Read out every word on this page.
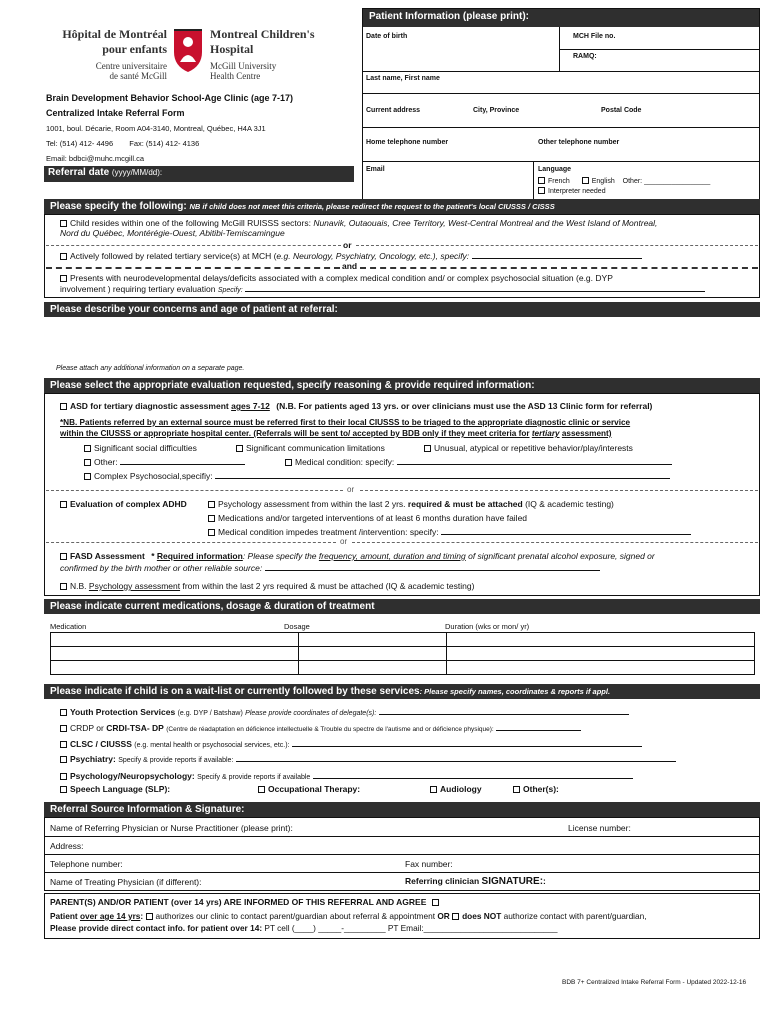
Hôpital de Montréal
pour enfants
Centre universitaire
de santé McGill
Montreal Children's
Hospital
McGill University
Health Centre
Patient Information (please print):
Date of birth	MCH File no.
RAMQ:
Last name, First name
Current address	City, Province	Postal Code
Home telephone number	Other telephone number
Email	Language
French	English Other: _________________
Interpreter needed
Brain Development Behavior School-Age Clinic (age 7-17)
Centralized Intake Referral Form
1001, boul. Décarie, Room A04-3140, Montreal, Québec, H4A 3J1
Tel: (514) 412- 4496 Fax: (514) 412- 4136
Email: bdbci@muhc.mcgill.ca
Referral date (yyyy/MM/dd):
Please specify the following: NB if child does not meet this criteria, please redirect the request to the patient's local CIUSSS / CISSS
Child resides within one of the following McGill RUISSS sectors: Nunavik, Outaouais, Cree Territory, West-Central Montreal and the West Island of Montreal,
Nord du Québec, Montérégie-Ouest, Abitibi-Temiscamingue
or
Actively followed by related tertiary service(s) at MCH (e.g. Neurology, Psychiatry, Oncology, etc.), specify:
and
Presents with neurodevelopmental delays/deficits associated with a complex medical condition and/ or complex psychosocial situation (e.g. DYP
involvement ) requiring tertiary evaluation Specify:
Please describe your concerns and age of patient at referral:
Please attach any additional information on a separate page.
Please select the appropriate evaluation requested, specify reasoning & provide required information:
ASD for tertiary diagnostic assessment ages 7-12 (N.B. For patients aged 13 yrs. or over clinicians must use the ASD 13 Clinic form for referral)
*NB. Patients referred by an external source must be referred first to their local CIUSSS to be triaged to the appropriate diagnostic clinic or service
within the CIUSSS or appropriate hospital center. (Referrals will be sent to/ accepted by BDB only if they meet criteria for tertiary assessment)
Significant social difficulties	Significant communication limitations	Unusual, atypical or repetitive behavior/play/interests
Other:	Medical condition: specify:
Complex Psychosocial,specifiy:
or
Evaluation of complex ADHD	Psychology assessment from within the last 2 yrs. required & must be attached (IQ & academic testing)
Medications and/or targeted interventions of at least 6 months duration have failed
Medical condition impedes treatment /intervention: specify:
or
FASD Assessment * Required information: Please specify the frequency, amount, duration and timing of significant prenatal alcohol exposure, signed or
confirmed by the birth mother or other reliable source:
N.B. Psychology assessment from within the last 2 yrs required & must be attached (IQ & academic testing)
Please indicate current medications, dosage & duration of treatment
Medication	Dosage	Duration (wks or mon/ yr)

Please indicate if child is on a wait-list or currently followed by these services: Please specify names, coordinates & reports if appl.
Youth Protection Services (e.g. DYP / Batshaw) Please provide coordinates of delegate(s):
CRDP or CRDI-TSA- DP (Centre de réadaptation en déficience intellectuelle & Trouble du spectre de l'autisme and or déficience physique):
CLSC / CIUSSS (e.g. mental health or psychosocial services, etc.):
Psychiatry: Specify & provide reports if available:
Psychology/Neuropsychology: Specify & provide reports if available
Speech Language (SLP):	Occupational Therapy:	Audiology	Other(s):
Referral Source Information & Signature:
Name of Referring Physician or Nurse Practitioner (please print):	License number:
Address:
Telephone number:	Fax number:
Name of Treating Physician (if different):	Referring clinician SIGNATURE::
PARENT(S) AND/OR PATIENT (over 14 yrs) ARE INFORMED OF THIS REFERRAL AND AGREE
Patient over age 14 yrs: authorizes our clinic to contact parent/guardian about referral & appointment OR does NOT authorize contact with parent/guardian,
Please provide direct contact info. for patient over 14: PT cell (____) _____-_________ PT Email:_____________________________
BDB 7+ Centralized Intake Referral Form - Updated 2022-12-16
